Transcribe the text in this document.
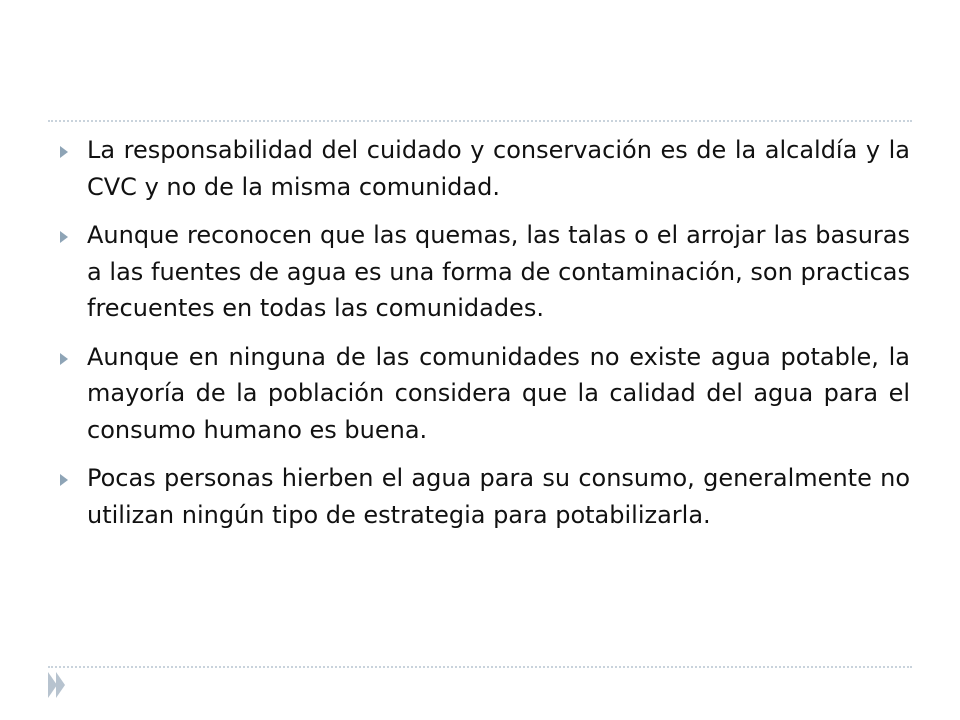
La responsabilidad del cuidado y conservación es de la alcaldía y la CVC y no de la misma comunidad.
Aunque reconocen que las quemas, las talas o el arrojar las basuras a las fuentes de agua es una forma de contaminación, son practicas frecuentes en todas las comunidades.
Aunque en ninguna de las comunidades no existe agua potable, la mayoría de la población considera que la calidad del agua para el consumo humano es buena.
Pocas personas hierben el agua para su consumo, generalmente no utilizan ningún tipo de estrategia para potabilizarla.
